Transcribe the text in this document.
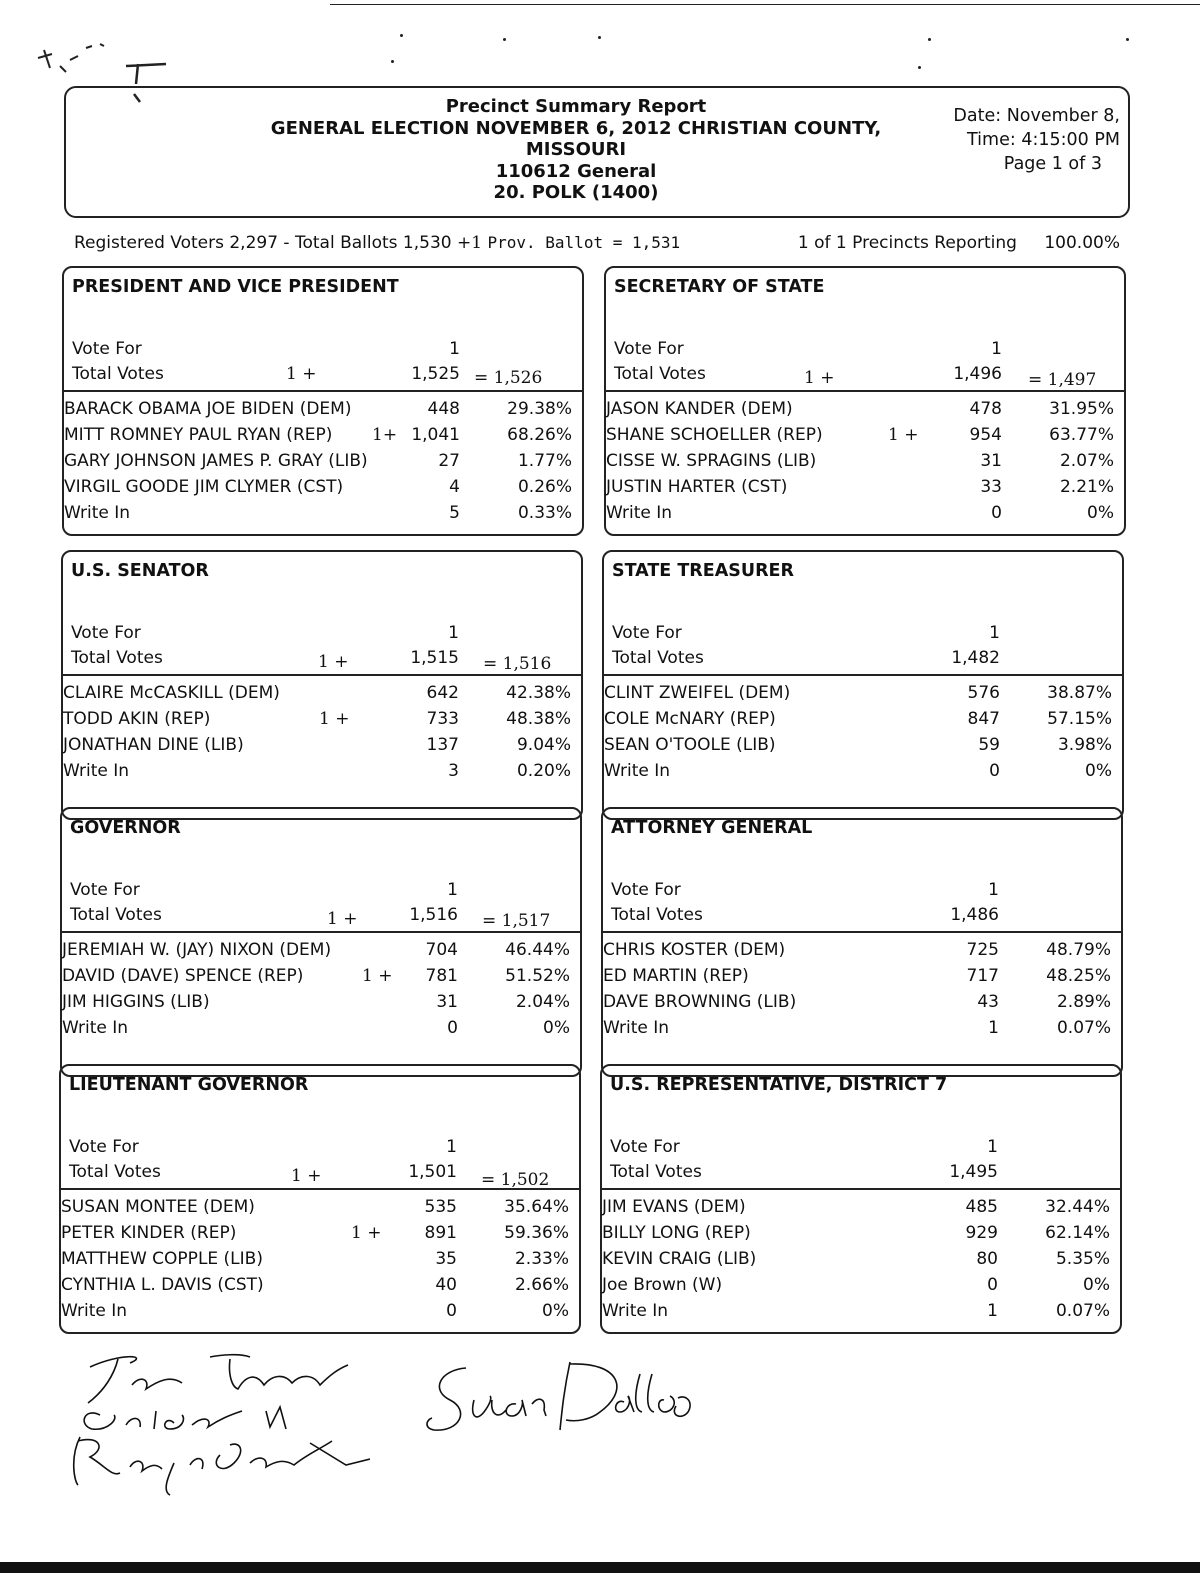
Precinct Summary Report
GENERAL ELECTION NOVEMBER 6, 2012 CHRISTIAN COUNTY,
MISSOURI
110612 General
20. POLK (1400)
Date: November 8,
Time: 4:15:00 PM
Page 1 of 3
Registered Voters 2,297 - Total Ballots 1,530 +1 Prov. Ballot = 1,531	1 of 1 Precincts Reporting 100.00%
PRESIDENT AND VICE PRESIDENT
Vote For	1
Total Votes	1,525
1 +	= 1,526
BARACK OBAMA JOE BIDEN (DEM)	448	29.38%
MITT ROMNEY PAUL RYAN (REP) 1+ 1,041	68.26%
GARY JOHNSON JAMES P. GRAY (LIB)	27	1.77%
VIRGIL GOODE JIM CLYMER (CST)	4	0.26%
Write In	5	0.33%
SECRETARY OF STATE
Vote For	1
Total Votes	1,496
1 +	= 1,497
JASON KANDER (DEM)	478	31.95%
SHANE SCHOELLER (REP)	1 +	954	63.77%
CISSE W. SPRAGINS (LIB)	31	2.07%
JUSTIN HARTER (CST)	33	2.21%
Write In	0	0%
U.S. SENATOR
Vote For	1
Total Votes	1,515
1 +	= 1,516
CLAIRE McCASKILL (DEM)	642	42.38%
TODD AKIN (REP)	1 +	733	48.38%
JONATHAN DINE (LIB)	137	9.04%
Write In	3	0.20%
STATE TREASURER
Vote For	1
Total Votes	1,482
CLINT ZWEIFEL (DEM)	576	38.87%
COLE McNARY (REP)	847	57.15%
SEAN O'TOOLE (LIB)	59	3.98%
Write In	0	0%
GOVERNOR
Vote For	1
Total Votes	1,516
1 +	= 1,517
JEREMIAH W. (JAY) NIXON (DEM)	704	46.44%
DAVID (DAVE) SPENCE (REP)	1 + 781	51.52%
JIM HIGGINS (LIB)	31	2.04%
Write In	0	0%
ATTORNEY GENERAL
Vote For	1
Total Votes	1,486
CHRIS KOSTER (DEM)	725	48.79%
ED MARTIN (REP)	717	48.25%
DAVE BROWNING (LIB)	43	2.89%
Write In	1	0.07%
LIEUTENANT GOVERNOR
Vote For	1
Total Votes	1,501
1 +	= 1,502
SUSAN MONTEE (DEM)	535	35.64%
PETER KINDER (REP)	1 +	891	59.36%
MATTHEW COPPLE (LIB)	35	2.33%
CYNTHIA L. DAVIS (CST)	40	2.66%
Write In	0	0%
U.S. REPRESENTATIVE, DISTRICT 7
Vote For	1
Total Votes	1,495
JIM EVANS (DEM)	485	32.44%
BILLY LONG (REP)	929	62.14%
KEVIN CRAIG (LIB)	80	5.35%
Joe Brown (W)	0	0%
Write In	1	0.07%
